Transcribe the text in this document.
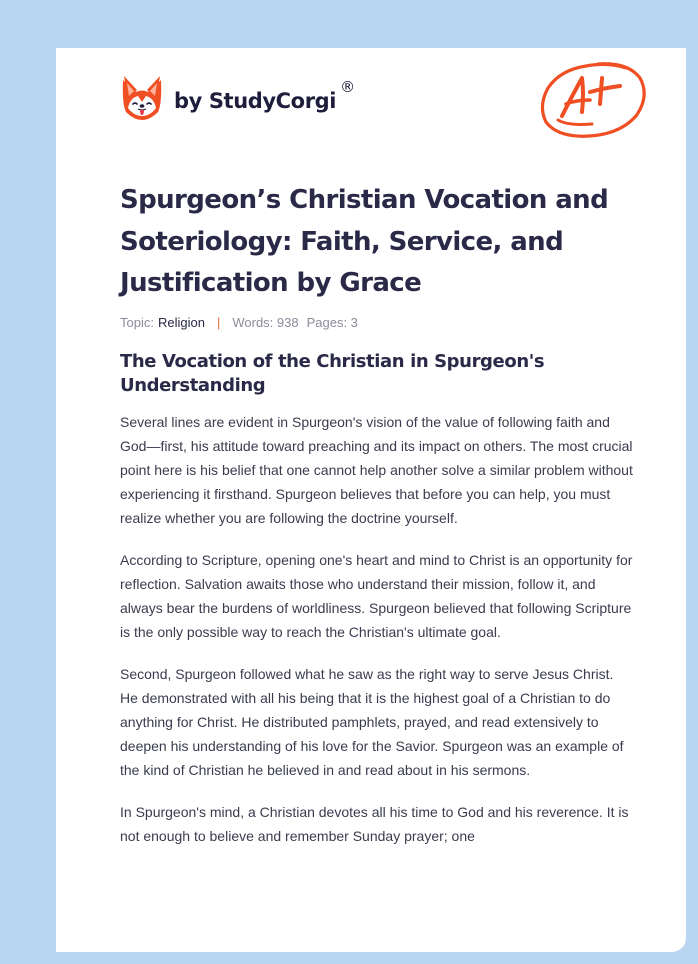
by StudyCorgi
®
Spurgeon’s Christian Vocation and Soteriology: Faith, Service, and Justification by Grace
Topic: Religion | Words: 938 Pages: 3
The Vocation of the Christian in Spurgeon's Understanding

Several lines are evident in Spurgeon's vision of the value of following faith and God—first, his attitude toward preaching and its impact on others. The most crucial point here is his belief that one cannot help another solve a similar problem without experiencing it firsthand. Spurgeon believes that before you can help, you must realize whether you are following the doctrine yourself.

According to Scripture, opening one's heart and mind to Christ is an opportunity for reflection. Salvation awaits those who understand their mission, follow it, and always bear the burdens of worldliness. Spurgeon believed that following Scripture is the only possible way to reach the Christian's ultimate goal.

Second, Spurgeon followed what he saw as the right way to serve Jesus Christ. He demonstrated with all his being that it is the highest goal of a Christian to do anything for Christ. He distributed pamphlets, prayed, and read extensively to deepen his understanding of his love for the Savior. Spurgeon was an example of the kind of Christian he believed in and read about in his sermons.

In Spurgeon's mind, a Christian devotes all his time to God and his reverence. It is not enough to believe and remember Sunday prayer; one
